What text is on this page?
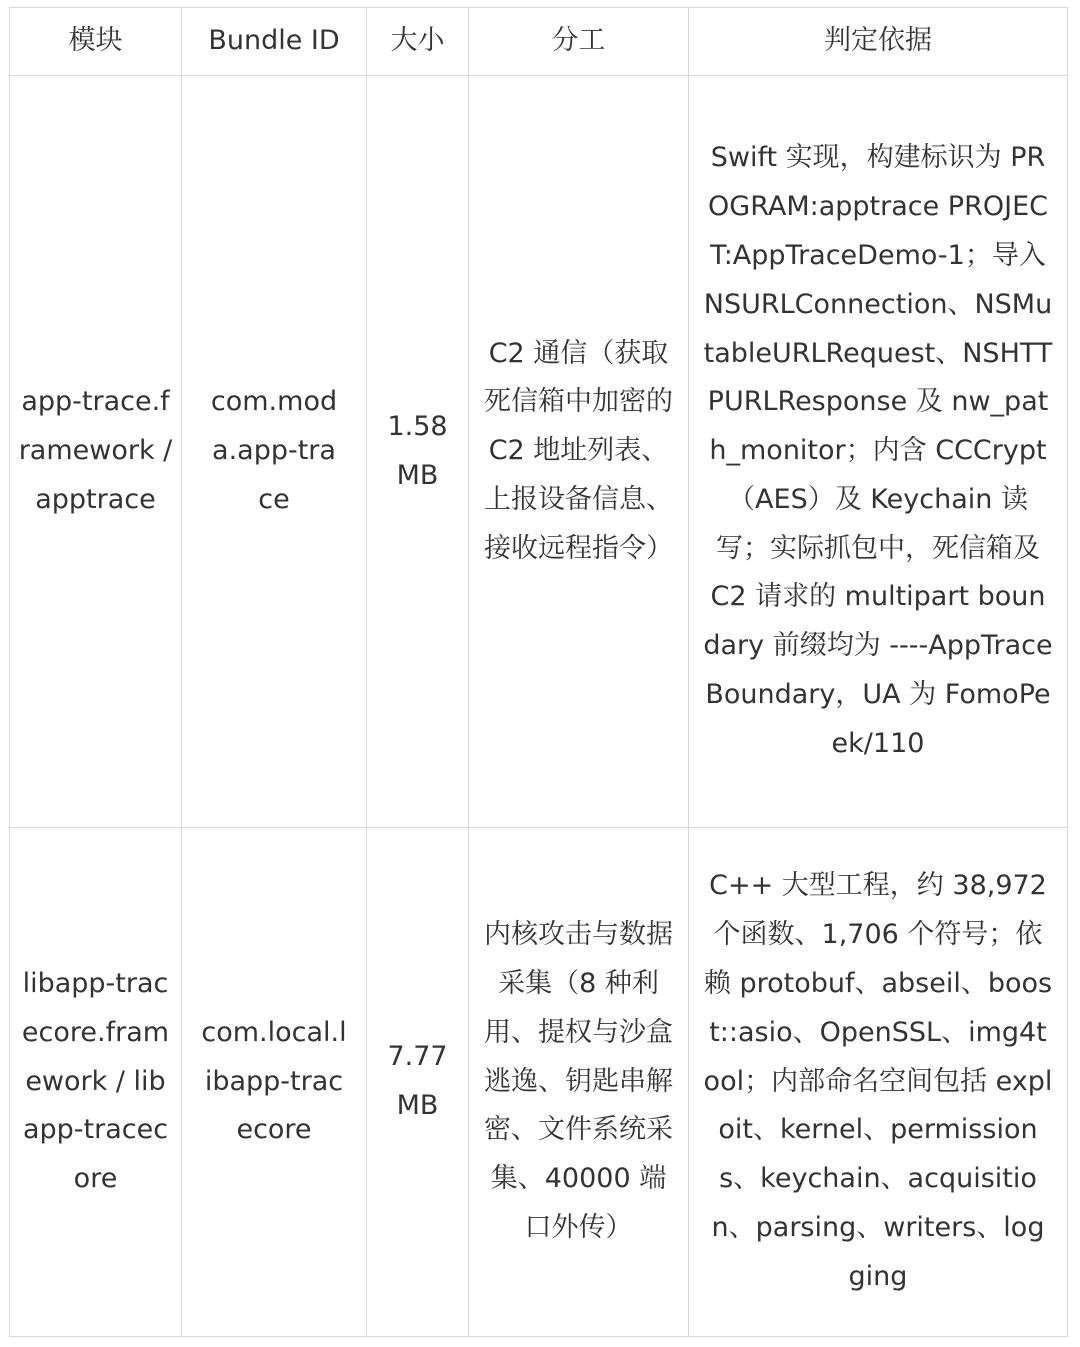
模块	Bundle ID	大小	分工	判定依据

app-trace.framework / apptrace	com.moda.app-trace	1.58 MB	C2 通信（获取死信箱中加密的 C2 地址列表、上报设备信息、接收远程指令）	Swift 实现，构建标识为 PROGRAM:apptrace PROJECT:AppTraceDemo-1；导入 NSURLConnection、NSMutableURLRequest、NSHTTPURLResponse 及 nw_path_monitor；内含 CCCrypt（AES）及 Keychain 读写；实际抓包中，死信箱及 C2 请求的 multipart boundary 前缀均为 ----AppTraceBoundary，UA 为 FomoPeek/110

libapp-tracecore.framework / libapp-tracecore	com.local.libapp-tracecore	7.77 MB	内核攻击与数据采集（8 种利用、提权与沙盒逃逸、钥匙串解密、文件系统采集、40000 端口外传）	C++ 大型工程，约 38,972 个函数、1,706 个符号；依赖 protobuf、abseil、boost::asio、OpenSSL、img4tool；内部命名空间包括 exploit、kernel、permissions、keychain、acquisition、parsing、writers、logging
